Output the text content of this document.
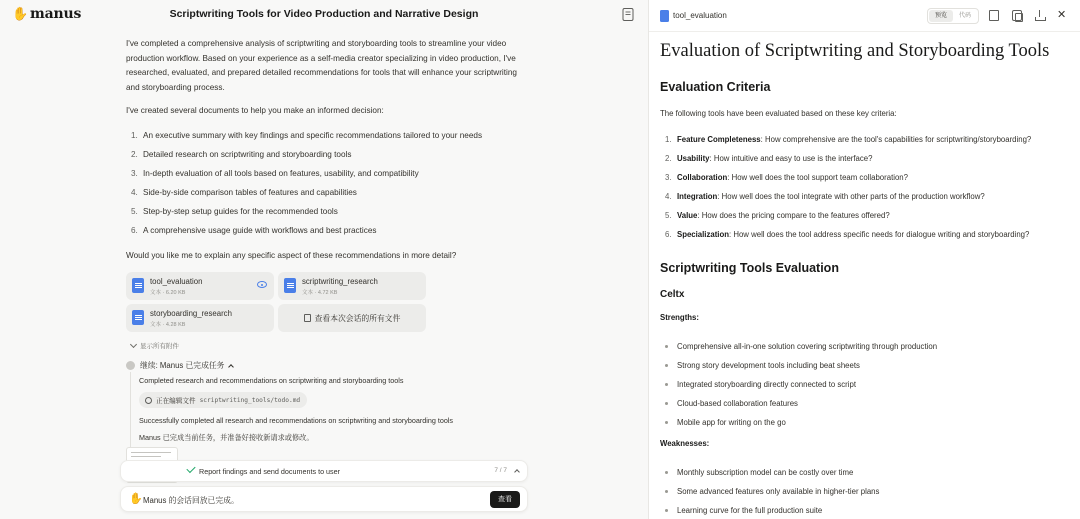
✋ manus	Scriptwriting Tools for Video Production and Narrative Design
I've completed a comprehensive analysis of scriptwriting and storyboarding tools to streamline your video production workflow. Based on your experience as a self-media creator specializing in video production, I've researched, evaluated, and prepared detailed recommendations for tools that will enhance your scriptwriting and storyboarding process.
I've created several documents to help you make an informed decision:
1. An executive summary with key findings and specific recommendations tailored to your needs
2. Detailed research on scriptwriting and storyboarding tools
3. In-depth evaluation of all tools based on features, usability, and compatibility
4. Side-by-side comparison tables of features and capabilities
5. Step-by-step setup guides for the recommended tools
6. A comprehensive usage guide with workflows and best practices
Would you like me to explain any specific aspect of these recommendations in more detail?
tool_evaluation
文本 · 6.20 KB
scriptwriting_research
文本 · 4.72 KB
storyboarding_research
文本 · 4.28 KB
查看本次会话的所有文件
显示所有附件
继续: Manus 已完成任务
Completed research and recommendations on scriptwriting and storyboarding tools
正在编辑文件 scriptwriting_tools/todo.md
Successfully completed all research and recommendations on scriptwriting and storyboarding tools
Manus 已完成当前任务，并准备好接收新请求或修改。
Report findings and send documents to user	7 / 7
✋ Manus 的会话回放已完成。	查看
tool_evaluation	预览	代码	✕
Evaluation of Scriptwriting and Storyboarding Tools
Evaluation Criteria
The following tools have been evaluated based on these key criteria:
1. Feature Completeness : How comprehensive are the tool's capabilities for scriptwriting/storyboarding?
2. Usability : How intuitive and easy to use is the interface?
3. Collaboration : How well does the tool support team collaboration?
4. Integration : How well does the tool integrate with other parts of the production workflow?
5. Value : How does the pricing compare to the features offered?
6. Specialization : How well does the tool address specific needs for dialogue writing and storyboarding?
Scriptwriting Tools Evaluation
Celtx
Strengths:
Comprehensive all-in-one solution covering scriptwriting through production
Strong story development tools including beat sheets
Integrated storyboarding directly connected to script
Cloud-based collaboration features
Mobile app for writing on the go
Weaknesses:
Monthly subscription model can be costly over time
Some advanced features only available in higher-tier plans
Learning curve for the full production suite
